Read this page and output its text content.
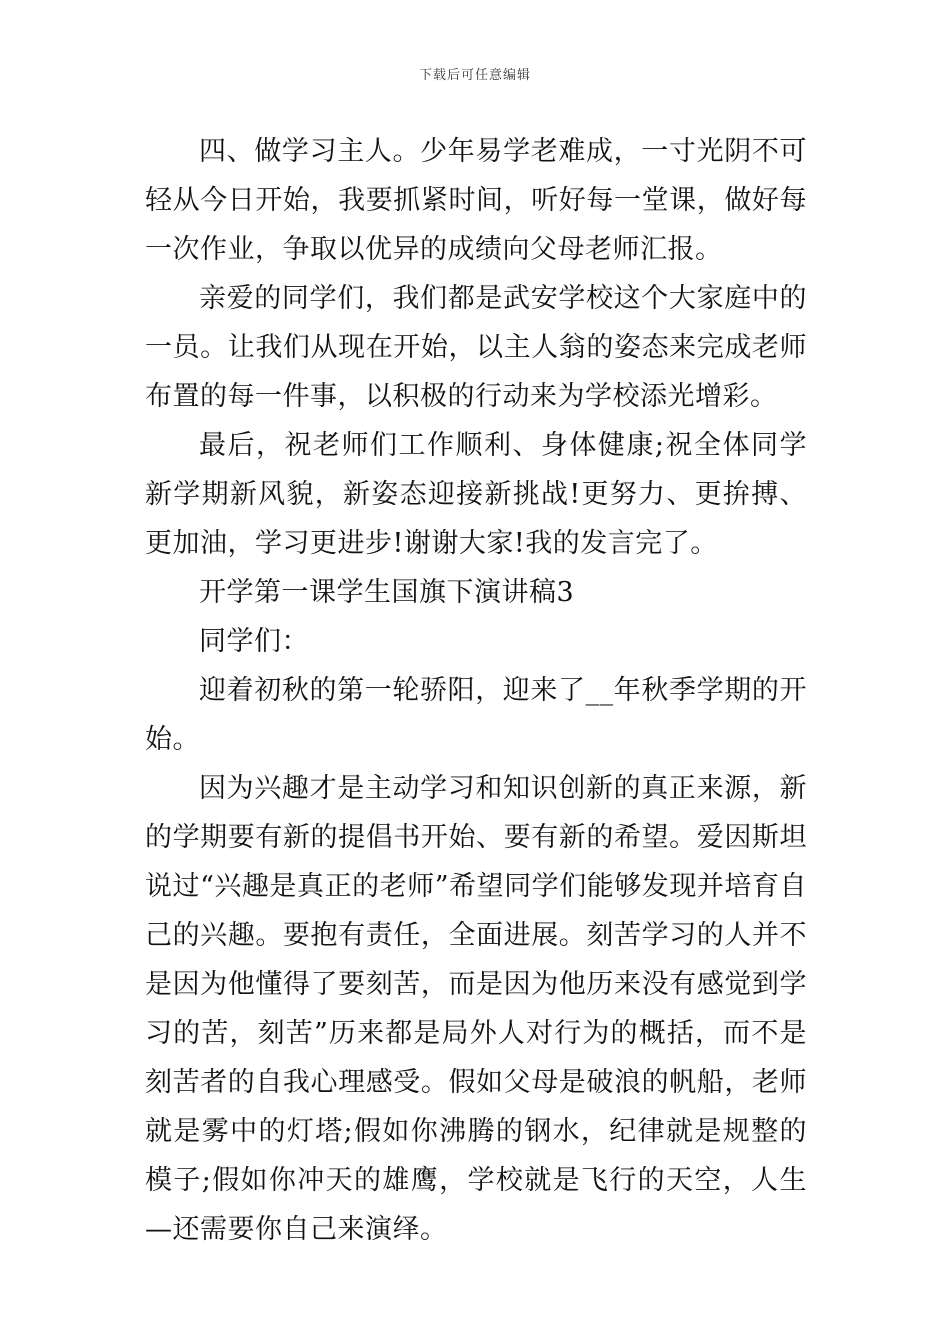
下载后可任意编辑

四、做学习主人。少年易学老难成，一寸光阴不可轻从今日开始，我要抓紧时间，听好每一堂课，做好每一次作业，争取以优异的成绩向父母老师汇报。

亲爱的同学们，我们都是武安学校这个大家庭中的一员。让我们从现在开始，以主人翁的姿态来完成老师布置的每一件事，以积极的行动来为学校添光增彩。

最后，祝老师们工作顺利、身体健康;祝全体同学新学期新风貌，新姿态迎接新挑战!更努力、更拚搏、更加油，学习更进步!谢谢大家!我的发言完了。

开学第一课学生国旗下演讲稿3

同学们：

迎着初秋的第一轮骄阳，迎来了__年秋季学期的开始。

因为兴趣才是主动学习和知识创新的真正来源，新的学期要有新的提倡书开始、要有新的希望。爱因斯坦说过“兴趣是真正的老师”希望同学们能够发现并培育自己的兴趣。要抱有责任，全面进展。刻苦学习的人并不是因为他懂得了要刻苦，而是因为他历来没有感觉到学习的苦，刻苦”历来都是局外人对行为的概括，而不是刻苦者的自我心理感受。假如父母是破浪的帆船，老师就是雾中的灯塔;假如你沸腾的钢水，纪律就是规整的模子;假如你冲天的雄鹰，学校就是飞行的天空，人生—还需要你自己来演绎。
